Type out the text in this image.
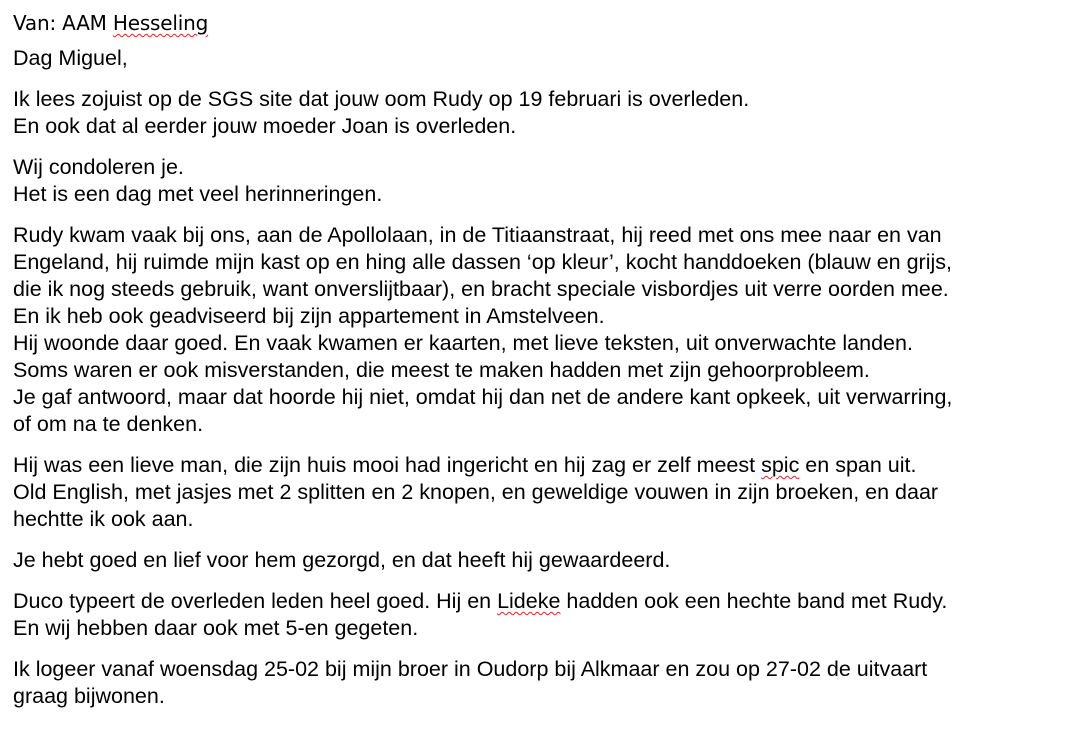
Van: AAM Hesseling

Dag Miguel,

Ik lees zojuist op de SGS site dat jouw oom Rudy op 19 februari is overleden.
En ook dat al eerder jouw moeder Joan is overleden.

Wij condoleren je.
Het is een dag met veel herinneringen.

Rudy kwam vaak bij ons, aan de Apollolaan, in de Titiaanstraat, hij reed met ons mee naar en van
Engeland, hij ruimde mijn kast op en hing alle dassen ‘op kleur’, kocht handdoeken (blauw en grijs,
die ik nog steeds gebruik, want onverslijtbaar), en bracht speciale visbordjes uit verre oorden mee.
En ik heb ook geadviseerd bij zijn appartement in Amstelveen.
Hij woonde daar goed. En vaak kwamen er kaarten, met lieve teksten, uit onverwachte landen.
Soms waren er ook misverstanden, die meest te maken hadden met zijn gehoorprobleem.
Je gaf antwoord, maar dat hoorde hij niet, omdat hij dan net de andere kant opkeek, uit verwarring,
of om na te denken.

Hij was een lieve man, die zijn huis mooi had ingericht en hij zag er zelf meest spic en span uit.
Old English, met jasjes met 2 splitten en 2 knopen, en geweldige vouwen in zijn broeken, en daar
hechtte ik ook aan.

Je hebt goed en lief voor hem gezorgd, en dat heeft hij gewaardeerd.

Duco typeert de overleden leden heel goed. Hij en Lideke hadden ook een hechte band met Rudy.
En wij hebben daar ook met 5-en gegeten.

Ik logeer vanaf woensdag 25-02 bij mijn broer in Oudorp bij Alkmaar en zou op 27-02 de uitvaart
graag bijwonen.
